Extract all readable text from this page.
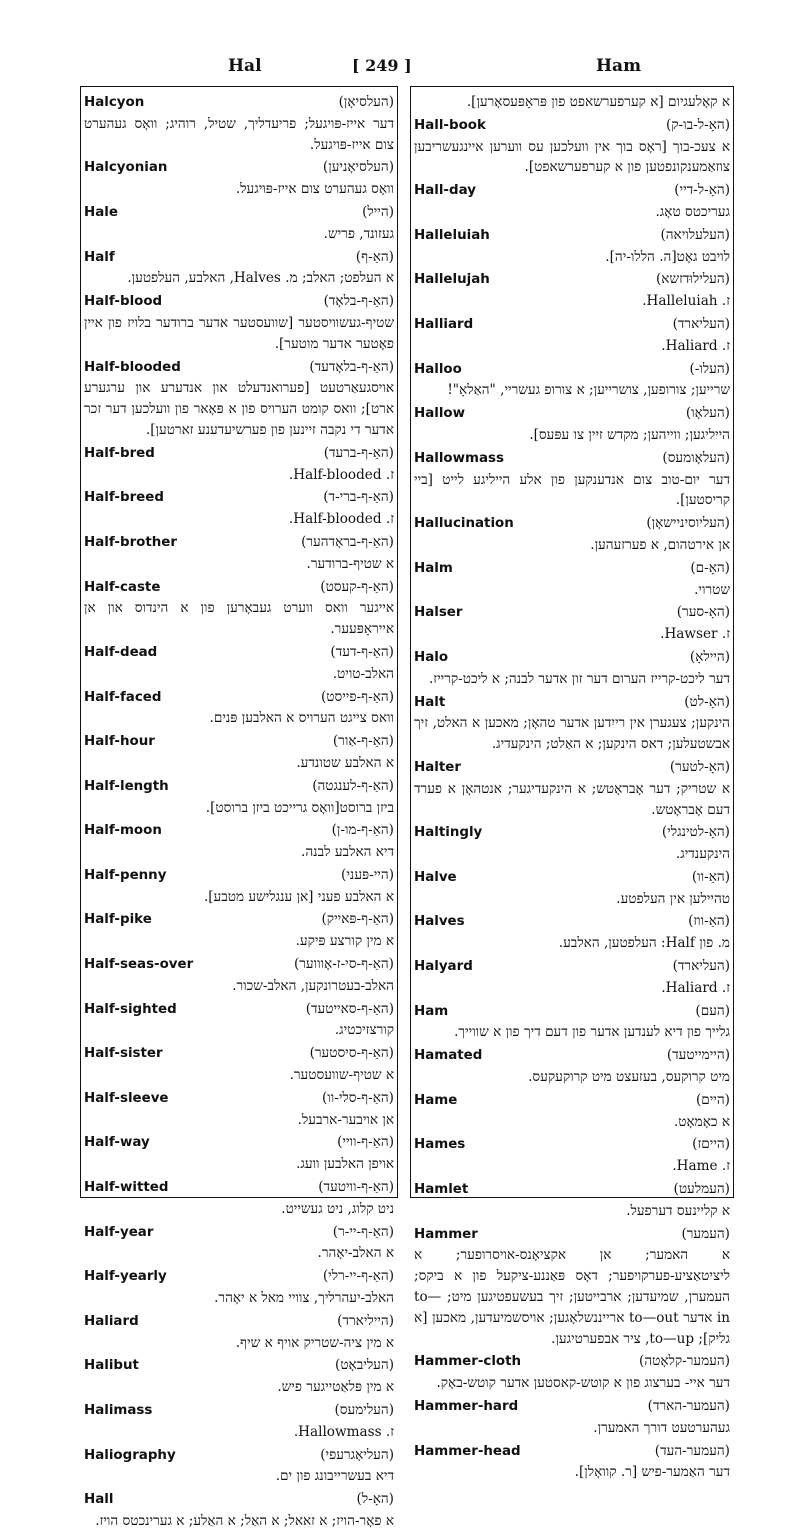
Hal	[ 249 ]	Ham
Halcyon	(העלסיאָן)
דער אייז-פּויגעל; פריעדליך, שטיל, רוהיג; וואָס געהערט צום אייז-פּויגעל.
Halcyonian	(העלסיאָניען)
וואָס געהערט צום אייז-פּויגעל.
Hale	(הייל)
געזונד, פריש.
Half	(האַ-ף)
א העלפט; האלב; מ. Halves, האלבע, העלפטען.
Half-blood	(האַ-ף-בלאָד)
שטיף-געשוויסטער [שוועסטער אדער ברודער בלויז פון איין פאָטער אדער מוטער].
Half-blooded	(האַ-ף-בלאָדעד)
אויסגעאַרטעט [פערואנדעלט און אנדערע און ערגערע ארט]; וואס קומט הערויס פון א פּאָאר פון וועלכען דער זכר אדער די נקבה זיינען פון פערשיעדענע זארטען].
Half-bred	(האַ-ף-ברעד)
ז. Half-blooded.
Half-breed	(האַ-ף-ברי-ד)
ז. Half-blooded.
Half-brother	(האַ-ף-בראָדהער)
א שטיף-ברודער.
Half-caste	(האַ-ף-קעסט)
אייגער וואס ווערט געבאָרען פון א הינדוס און אן אייראָפּעער.
Half-dead	(האַ-ף-דעד)
האלב-טויט.
Half-faced	(האַ-ף-פייסט)
וואס צייגט הערויס א האלבען פּנים.
Half-hour	(האַ-ף-אַור)
א האלבע שטונדע.
Half-length	(האַ-ף-לענגטה)
ביזן ברוסט[וואָס גרייכט ביזן ברוסט].
Half-moon	(האַ-ף-מו-ן)
דיא האלבע לבנה.
Half-penny	(היי-פּעני)
א האלבע פעני [אן ענגלישע מטבע].
Half-pike	(האַ-ף-פּאייק)
א מין קורצע פּיקע.
Half-seas-over	(האַ-ף-סי-ז-אָוווער)
האלב-בעטרונקען, האלב-שכור.
Half-sighted	(האַ-ף-סאייטעד)
קורצזיכטיג.
Half-sister	(האַ-ף-סיסטער)
א שטיף-שוועסטער.
Half-sleeve	(האַ-ף-סלי-וו)
אן אויבער-ארבעל.
Half-way	(האַ-ף-וויי)
אויפן האלבען וועג.
Half-witted	(האַ-ף-וויטעד)
ניט קלוג, ניט געשייט.
Half-year	(האַ-ף-יי-ר)
א האלב-יאָהר.
Half-yearly	(האַ-ף-יי-רלי)
האלב-יעהרליך, צוויי מאל א יאָהר.
Haliard	(הייליארד)
א מין ציה-שטריק אויף א שיף.
Halibut	(העליבאָט)
א מין פּלאַטייגער פיש.
Halimass	(העלימעס)
ז. Hallowmass.
Haliography	(העליאָגרעפי)
דיא בעשרייבונג פון ים.
Hall	(האָ-ל)
א פאָר-הויז; א זאאל; א האַל; א האַלע; א גערינכטס הויז.
א קאָלעגיום [א קערפערשאפט פון פּראָפּעסאָרען].
Hall-book	(האָ-ל-בו-ק)
א צעכ-בוך [ראָס בוך אין וועלכען עס ווערען איינגעשריבען צוזאַמענקונפטען פון א קערפערשאפט].
Hall-day	(האָ-ל-דיי)
געריכטס טאָג.
Halleluiah	(העלעלויאה)
לויבט גאָט[ה. הללו-יה].
Hallelujah	(העלילוּדזשא)
ז. Halleluiah.
Halliard	(העליארד)
ז. Haliard.
Halloo	(העלו-)
שרייען; צורופען, צושרייען; א צורופ געשריי, "האַלאָ"!
Hallow	(העלאָו)
הייליגען; ווייהען; מקדש זיין צו עפּעס].
Hallowmass	(העלאָומעס)
דער יום-טוב צום אנדענקען פון אלע הייליגע לייט [ביי קריסטען].
Hallucination	(העליוסיניישאָן)
אן אירטהום, א פערזעהען.
Halm	(האָ-ם)
שטרוי.
Halser	(האָ-סער)
ז. Hawser.
Halo	(היילאָ)
דער ליכט-קרייז הערום דער זון אדער לבנה; א ליכט-קרייז.
Halt	(האָ-לט)
הינקען; צעגערן אין רייִדען אדער טהאָן; מאכען א האלט, זיך אבשטעלען; דאס הינקען; א האַלט; הינקעדיג.
Halter	(האָ-לטער)
א שטריק; דער אָבראָטש; א הינקעדיגער; אנטהאָן א פערד דעם אָבראָטש.
Haltingly	(האָ-לטינגלי)
הינקענדיג.
Halve	(האַ-וו)
טהיילען אין העלפטע.
Halves	(האַ-ווז)
מ. פון Half: העלפטען, האלבע.
Halyard	(העליארד)
ז. Haliard.
Ham	(העם)
גלייך פון דיא לענדען אדער פון דעם דיך פון א שווייך.
Hamated	(היימייטעד)
מיט קרוקעס, בעזעצט מיט קרוקעקעס.
Hame	(היים)
א כאָמאָט.
Hames	(הייםז)
ז. Hame.
Hamlet	(העמלעט)
א קליינעס דערפעל.
Hammer	(העמער)
א האמער; אן אקציאָנס-אויסרופער; א ליציטאַציע-פערקויפער; דאָס פּאַננע-ציקעל פון א ביקס; העמערן, שמיעדען; ארבייטען; זיך בעשעפטיגען מיט; to—in אדער to—out ארייננשלאָגען; אויסשמיעדען, מאכען [א גליק]; to—up, ציר אבפערטיגען.
Hammer-cloth	(העמער-קלאָטה)
דער איי- בערצוג פון א קוטש-קאסטען אדער קוטש-באָק.
Hammer-hard	(העמער-הארד)
געהערטעט דורך האמערן.
Hammer-head	(העמער-העד)
דער האַמער-פיש [ר. קוואָלן].
